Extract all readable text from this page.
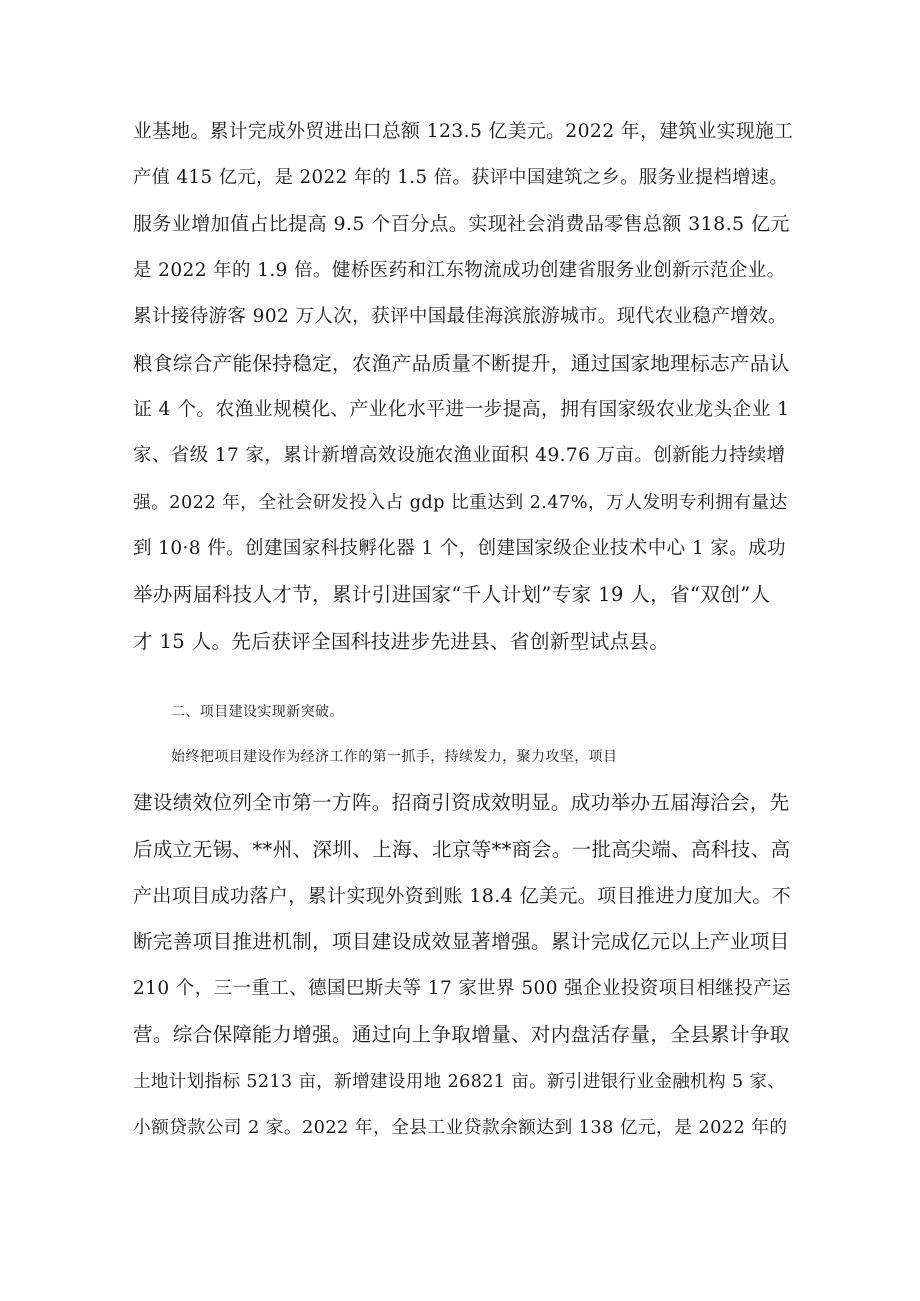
业基地。累计完成外贸进出口总额 123.5 亿美元。2022 年，建筑业实现施工
产值 415 亿元，是 2022 年的 1.5 倍。获评中国建筑之乡。服务业提档增速。
服务业增加值占比提高 9.5 个百分点。实现社会消费品零售总额 318.5 亿元
是 2022 年的 1.9 倍。健桥医药和江东物流成功创建省服务业创新示范企业。
累计接待游客 902 万人次，获评中国最佳海滨旅游城市。现代农业稳产增效。
粮食综合产能保持稳定，农渔产品质量不断提升，通过国家地理标志产品认
证 4 个。农渔业规模化、产业化水平进一步提高，拥有国家级农业龙头企业 1
家、省级 17 家，累计新增高效设施农渔业面积 49.76 万亩。创新能力持续增
强。2022 年，全社会研发投入占 gdp 比重达到 2.47%，万人发明专利拥有量达
到 10·8 件。创建国家科技孵化器 1 个，创建国家级企业技术中心 1 家。成功
举办两届科技人才节，累计引进国家“千人计划”专家 19 人，省“双创”人
才 15 人。先后获评全国科技进步先进县、省创新型试点县。
二、项目建设实现新突破。
始终把项目建设作为经济工作的第一抓手，持续发力，聚力攻坚，项目
建设绩效位列全市第一方阵。招商引资成效明显。成功举办五届海洽会，先
后成立无锡、**州、深圳、上海、北京等**商会。一批高尖端、高科技、高
产出项目成功落户，累计实现外资到账 18.4 亿美元。项目推进力度加大。不
断完善项目推进机制，项目建设成效显著增强。累计完成亿元以上产业项目
210 个，三一重工、德国巴斯夫等 17 家世界 500 强企业投资项目相继投产运
营。综合保障能力增强。通过向上争取增量、对内盘活存量，全县累计争取
土地计划指标 5213 亩，新增建设用地 26821 亩。新引进银行业金融机构 5 家、
小额贷款公司 2 家。2022 年，全县工业贷款余额达到 138 亿元，是 2022 年的
